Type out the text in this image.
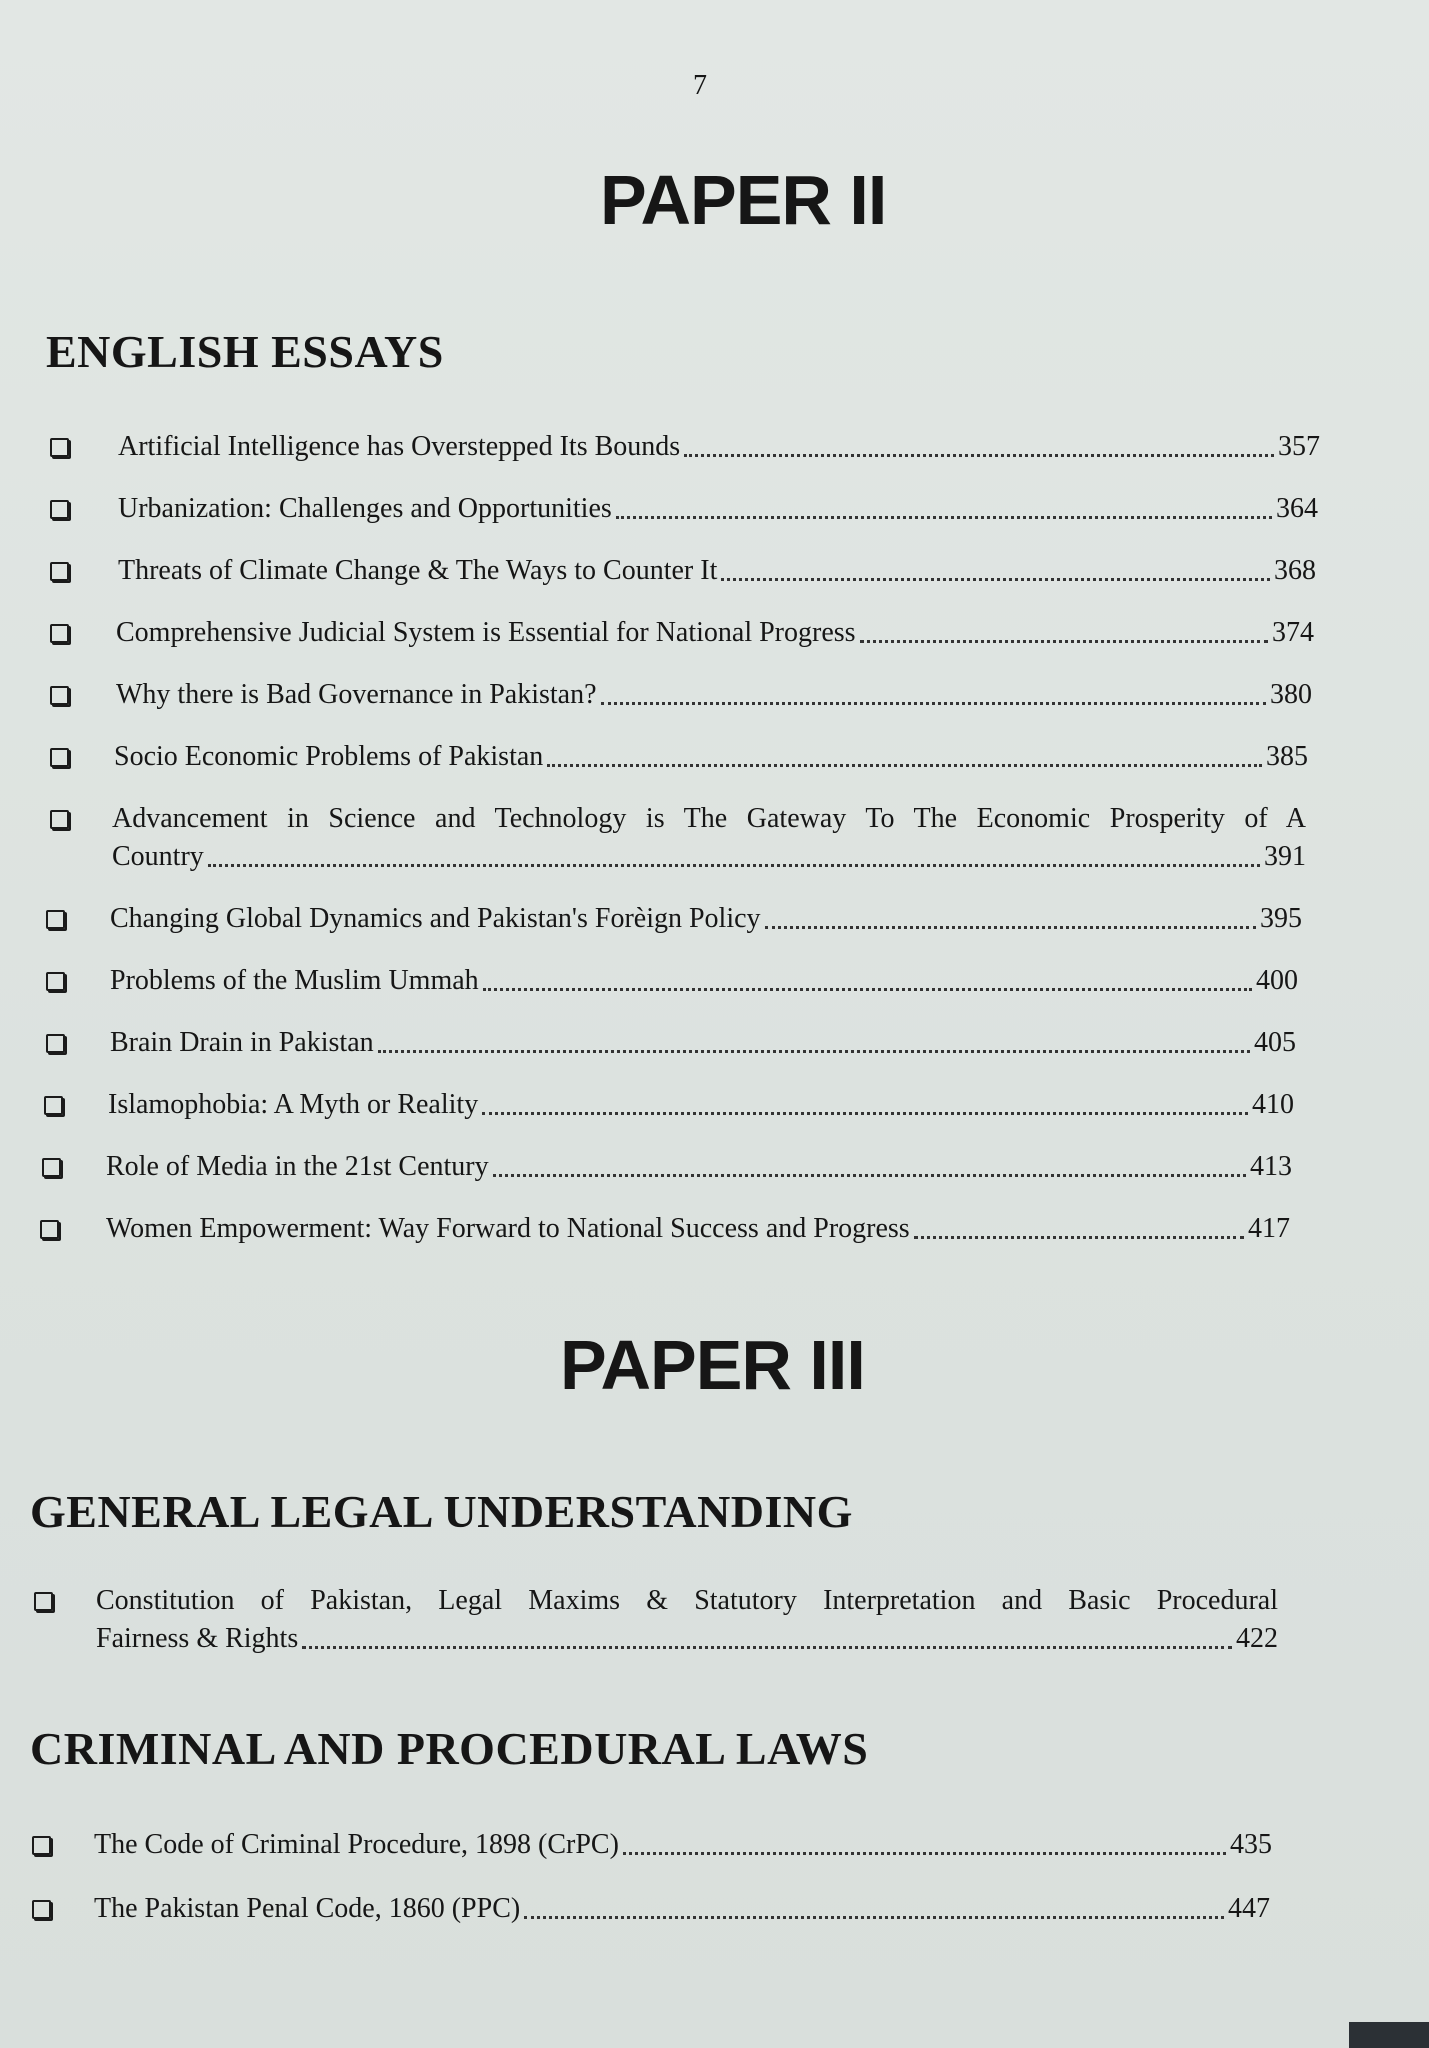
7
PAPER II
ENGLISH ESSAYS
Artificial Intelligence has Overstepped Its Bounds	357
Urbanization: Challenges and Opportunities	364
Threats of Climate Change & The Ways to Counter It	368
Comprehensive Judicial System is Essential for National Progress	374
Why there is Bad Governance in Pakistan?	380
Socio Economic Problems of Pakistan	385
Advancement in Science and Technology is The Gateway To The Economic Prosperity of A
Country	391
Changing Global Dynamics and Pakistan's Forèign Policy	395
Problems of the Muslim Ummah	400
Brain Drain in Pakistan	405
Islamophobia: A Myth or Reality	410
Role of Media in the 21st Century	413
Women Empowerment: Way Forward to National Success and Progress	417
PAPER III
GENERAL LEGAL UNDERSTANDING
Constitution of Pakistan, Legal Maxims & Statutory Interpretation and Basic Procedural
Fairness & Rights	422
CRIMINAL AND PROCEDURAL LAWS
The Code of Criminal Procedure, 1898 (CrPC)	435
The Pakistan Penal Code, 1860 (PPC)	447
